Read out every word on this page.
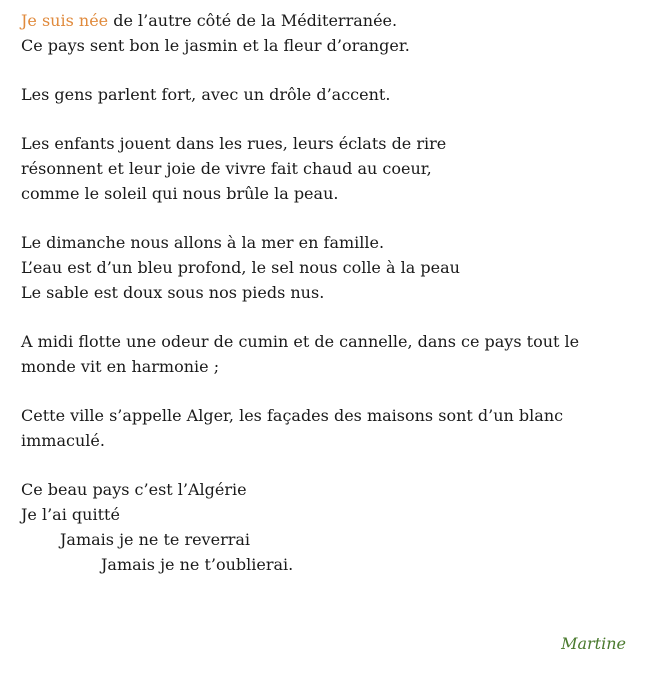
Je suis née de l’autre côté de la Méditerranée.
Ce pays sent bon le jasmin et la fleur d’oranger.
Les gens parlent fort, avec un drôle d’accent.
Les enfants jouent dans les rues, leurs éclats de rire
résonnent et leur joie de vivre fait chaud au coeur,
comme le soleil qui nous brûle la peau.
Le dimanche nous allons à la mer en famille.
L’eau est d’un bleu profond, le sel nous colle à la peau
Le sable est doux sous nos pieds nus.
A midi flotte une odeur de cumin et de cannelle, dans ce pays tout le
monde vit en harmonie ;
Cette ville s’appelle Alger, les façades des maisons sont d’un blanc
immaculé.
Ce beau pays c’est l’Algérie
Je l’ai quitté
Jamais je ne te reverrai
Jamais je ne t’oublierai.
Martine
